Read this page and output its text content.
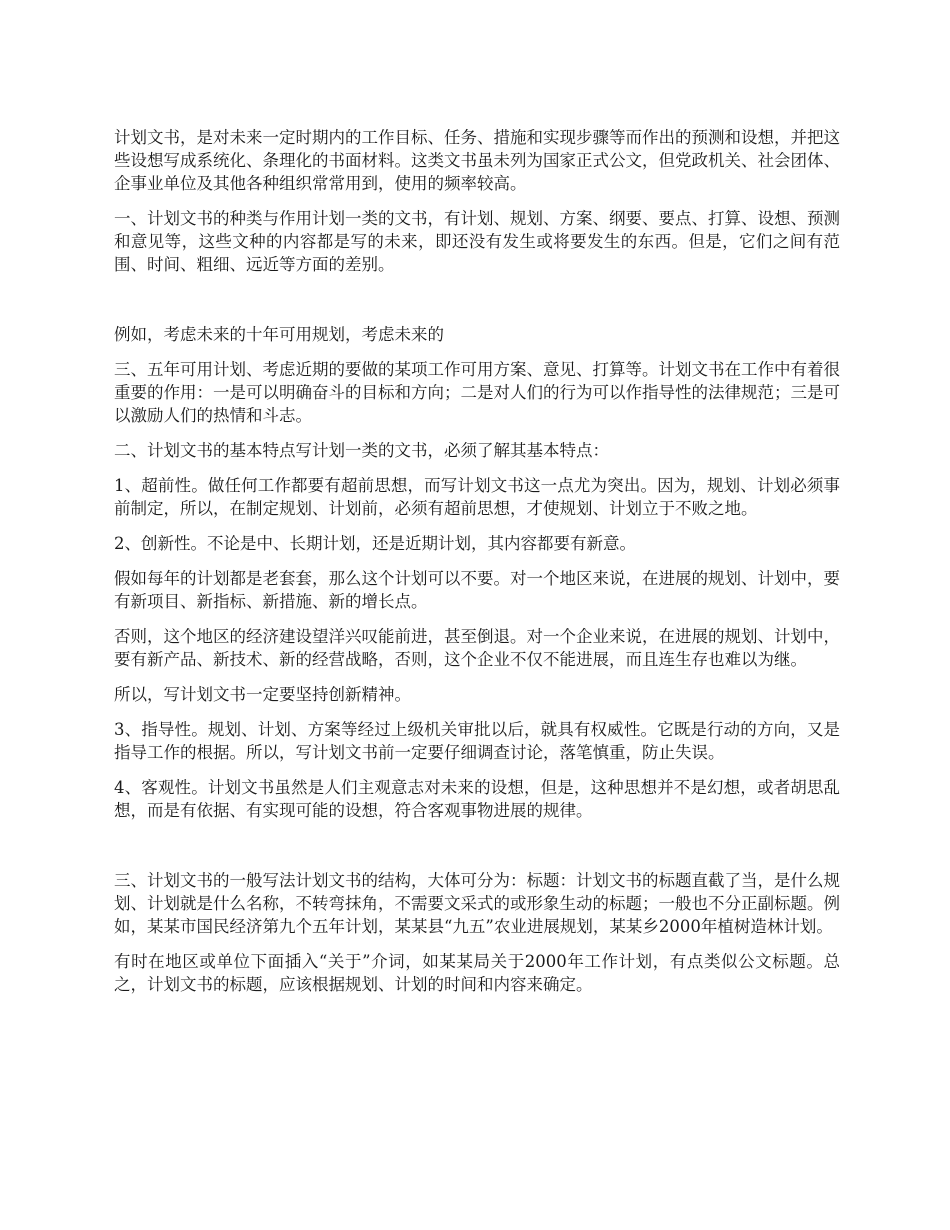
计划文书，是对未来一定时期内的工作目标、任务、措施和实现步骤等而作出的预测和设想，并把这些设想写成系统化、条理化的书面材料。这类文书虽未列为国家正式公文，但党政机关、社会团体、企事业单位及其他各种组织常常用到，使用的频率较高。

一、计划文书的种类与作用计划一类的文书，有计划、规划、方案、纲要、要点、打算、设想、预测和意见等，这些文种的内容都是写的未来，即还没有发生或将要发生的东西。但是，它们之间有范围、时间、粗细、远近等方面的差别。

例如，考虑未来的十年可用规划，考虑未来的

三、五年可用计划、考虑近期的要做的某项工作可用方案、意见、打算等。计划文书在工作中有着很重要的作用：一是可以明确奋斗的目标和方向；二是对人们的行为可以作指导性的法律规范；三是可以激励人们的热情和斗志。

二、计划文书的基本特点写计划一类的文书，必须了解其基本特点：

1、超前性。做任何工作都要有超前思想，而写计划文书这一点尤为突出。因为，规划、计划必须事前制定，所以，在制定规划、计划前，必须有超前思想，才使规划、计划立于不败之地。

2、创新性。不论是中、长期计划，还是近期计划，其内容都要有新意。

假如每年的计划都是老套套，那么这个计划可以不要。对一个地区来说，在进展的规划、计划中，要有新项目、新指标、新措施、新的增长点。

否则，这个地区的经济建设望洋兴叹能前进，甚至倒退。对一个企业来说，在进展的规划、计划中，要有新产品、新技术、新的经营战略，否则，这个企业不仅不能进展，而且连生存也难以为继。

所以，写计划文书一定要坚持创新精神。

3、指导性。规划、计划、方案等经过上级机关审批以后，就具有权威性。它既是行动的方向，又是指导工作的根据。所以，写计划文书前一定要仔细调查讨论，落笔慎重，防止失误。

4、客观性。计划文书虽然是人们主观意志对未来的设想，但是，这种思想并不是幻想，或者胡思乱想，而是有依据、有实现可能的设想，符合客观事物进展的规律。

三、计划文书的一般写法计划文书的结构，大体可分为：标题：计划文书的标题直截了当，是什么规划、计划就是什么名称，不转弯抹角，不需要文采式的或形象生动的标题；一般也不分正副标题。例如，某某市国民经济第九个五年计划，某某县“九五”农业进展规划，某某乡2000年植树造林计划。

有时在地区或单位下面插入“关于”介词，如某某局关于2000年工作计划，有点类似公文标题。总之，计划文书的标题，应该根据规划、计划的时间和内容来确定。
